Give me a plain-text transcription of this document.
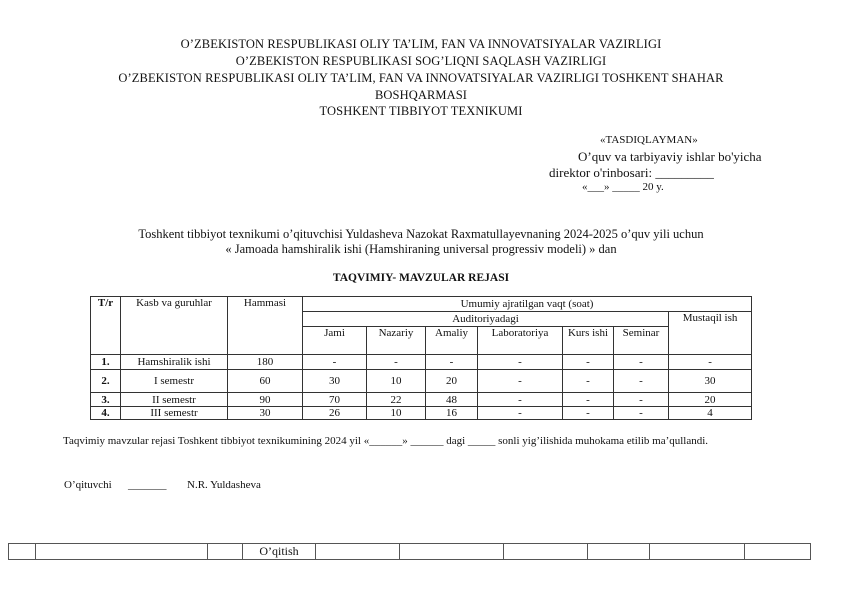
O’ZBEKISTON RESPUBLIKASI OLIY TA’LIM, FAN VA INNOVATSIYALAR VAZIRLIGI
O’ZBEKISTON RESPUBLIKASI SOG’LIQNI SAQLASH VAZIRLIGI
O’ZBEKISTON RESPUBLIKASI OLIY TA’LIM, FAN VA INNOVATSIYALAR VAZIRLIGI TOSHKENT SHAHAR
BOSHQARMASI
TOSHKENT TIBBIYOT TEXNIKUMI
«TASDIQLAYMAN»
O’quv va tarbiyaviy ishlar bo'yicha
direktor o'rinbosari: _________
«___» _____ 20 y.
Toshkent tibbiyot texnikumi o’qituvchisi Yuldasheva Nazokat Raxmatullayevnaning 2024-2025 o’quv yili uchun
« Jamoada hamshiralik ishi (Hamshiraning universal progressiv modeli) » dan
TAQVIMIY- MAVZULAR REJASI
T/r	Kasb va guruhlar	Hammasi	Umumiy ajratilgan vaqt (soat)						
			Auditoriyadagi						Mustaqil ish
			Jami	Nazariy	Amaliy	Laboratoriya	Kurs ishi	Seminar	
1.	Hamshiralik ishi	180	-	-	-	-	-	-	-
2.	I semestr	60	30	10	20	-	-	-	30
3.	II semestr	90	70	22	48	-	-	-	20
4.	III semestr	30	26	10	16	-	-	-	4
Taqvimiy mavzular rejasi Toshkent tibbiyot texnikumining 2024 yil «______» ______ dagi _____ sonli yig’ilishida muhokama etilib ma’qullandi.
O’qituvchi _______ N.R. Yuldasheva
			O’qitish						
